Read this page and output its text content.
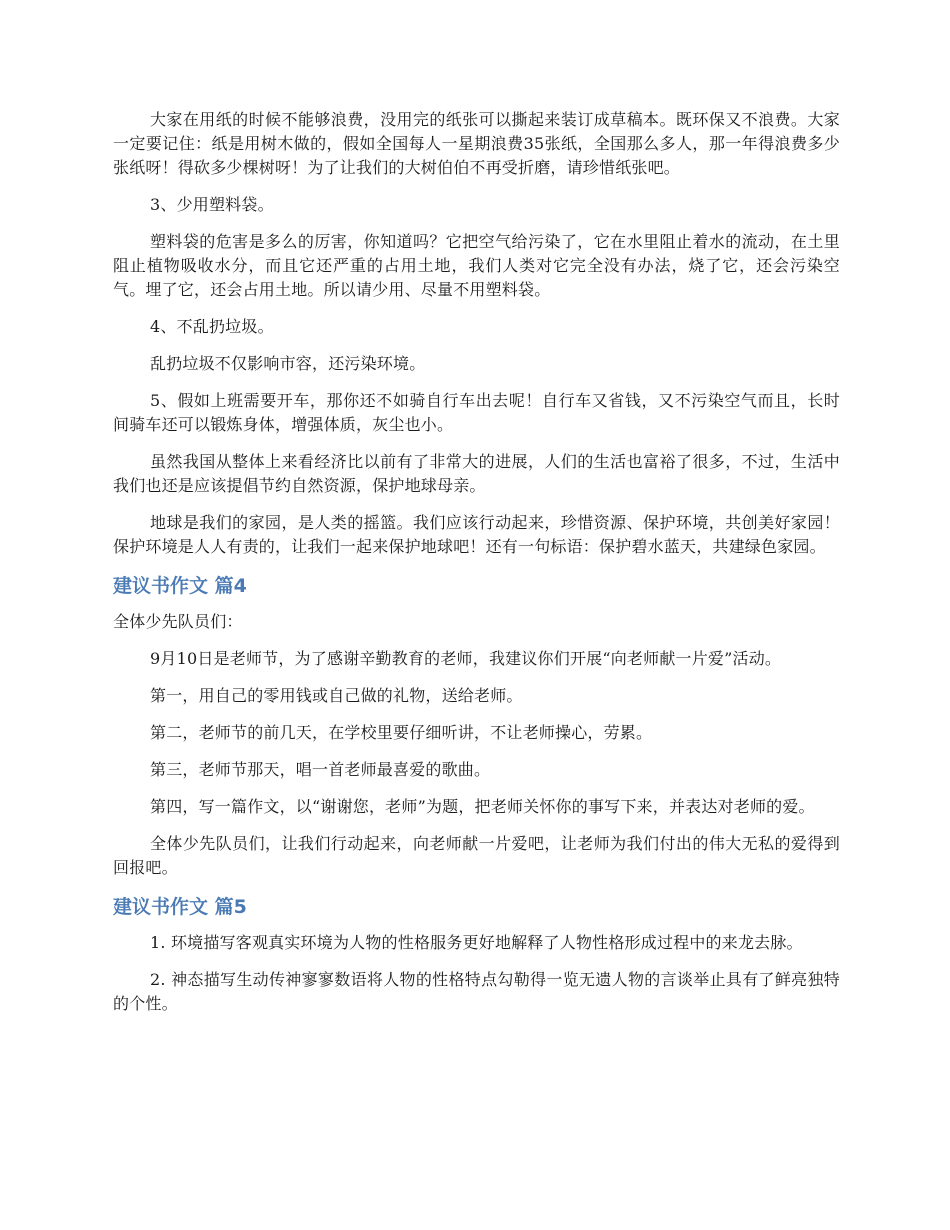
大家在用纸的时候不能够浪费，没用完的纸张可以撕起来装订成草稿本。既环保又不浪费。大家一定要记住：纸是用树木做的，假如全国每人一星期浪费35张纸，全国那么多人，那一年得浪费多少张纸呀！得砍多少棵树呀！为了让我们的大树伯伯不再受折磨，请珍惜纸张吧。

3、少用塑料袋。

塑料袋的危害是多么的厉害，你知道吗？它把空气给污染了，它在水里阻止着水的流动，在土里阻止植物吸收水分，而且它还严重的占用土地，我们人类对它完全没有办法，烧了它，还会污染空气。埋了它，还会占用土地。所以请少用、尽量不用塑料袋。

4、不乱扔垃圾。

乱扔垃圾不仅影响市容，还污染环境。

5、假如上班需要开车，那你还不如骑自行车出去呢！自行车又省钱，又不污染空气而且，长时间骑车还可以锻炼身体，增强体质，灰尘也小。

虽然我国从整体上来看经济比以前有了非常大的进展，人们的生活也富裕了很多，不过，生活中我们也还是应该提倡节约自然资源，保护地球母亲。

地球是我们的家园，是人类的摇篮。我们应该行动起来，珍惜资源、保护环境，共创美好家园！保护环境是人人有责的，让我们一起来保护地球吧！还有一句标语：保护碧水蓝天，共建绿色家园。

建议书作文 篇4

全体少先队员们：

9月10日是老师节，为了感谢辛勤教育的老师，我建议你们开展“向老师献一片爱”活动。

第一，用自己的零用钱或自己做的礼物，送给老师。

第二，老师节的前几天，在学校里要仔细听讲，不让老师操心，劳累。

第三，老师节那天，唱一首老师最喜爱的歌曲。

第四，写一篇作文，以“谢谢您，老师”为题，把老师关怀你的事写下来，并表达对老师的爱。

全体少先队员们，让我们行动起来，向老师献一片爱吧，让老师为我们付出的伟大无私的爱得到回报吧。

建议书作文 篇5

1. 环境描写客观真实环境为人物的性格服务更好地解释了人物性格形成过程中的来龙去脉。

2. 神态描写生动传神寥寥数语将人物的性格特点勾勒得一览无遗人物的言谈举止具有了鲜亮独特的个性。
